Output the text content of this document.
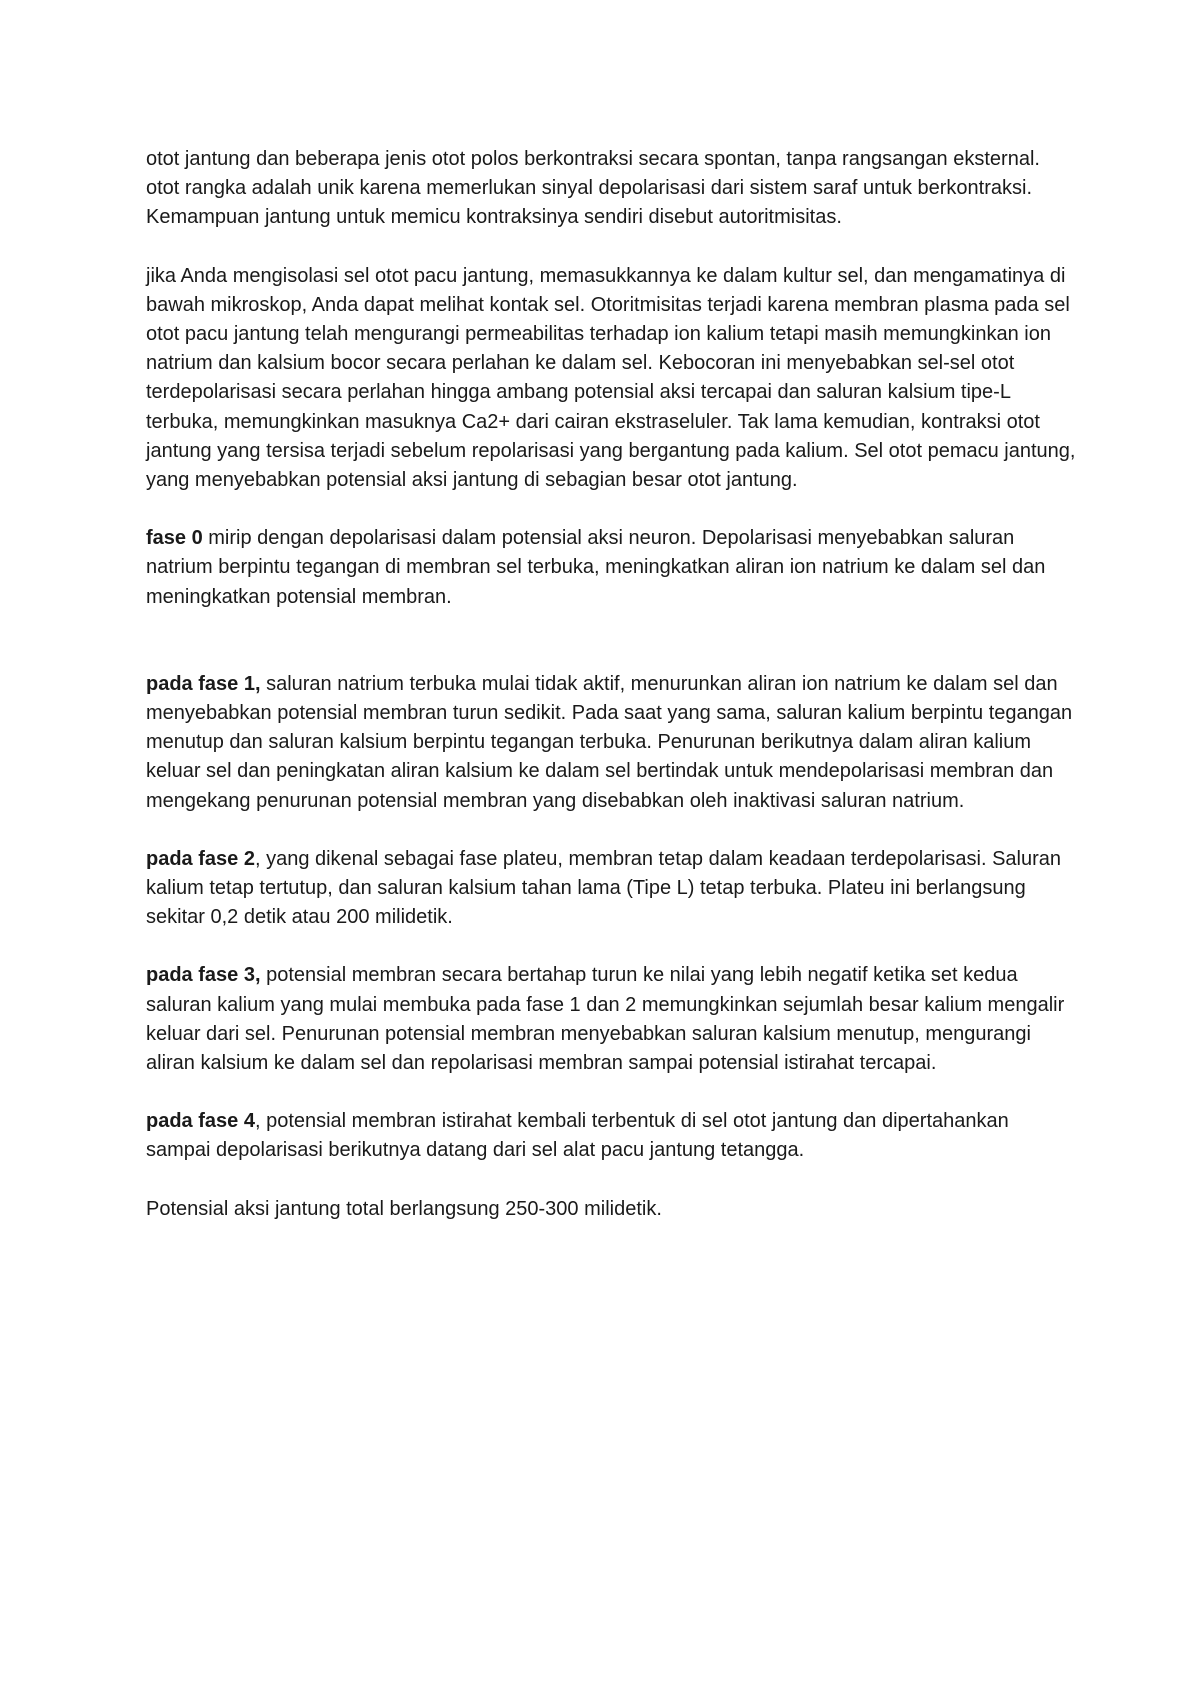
otot jantung dan beberapa jenis otot polos berkontraksi secara spontan, tanpa rangsangan eksternal. otot rangka adalah unik karena memerlukan sinyal depolarisasi dari sistem saraf untuk berkontraksi. Kemampuan jantung untuk memicu kontraksinya sendiri disebut autoritmisitas.

jika Anda mengisolasi sel otot pacu jantung, memasukkannya ke dalam kultur sel, dan mengamatinya di bawah mikroskop, Anda dapat melihat kontak sel. Otoritmisitas terjadi karena membran plasma pada sel otot pacu jantung telah mengurangi permeabilitas terhadap ion kalium tetapi masih memungkinkan ion natrium dan kalsium bocor secara perlahan ke dalam sel. Kebocoran ini menyebabkan sel-sel otot terdepolarisasi secara perlahan hingga ambang potensial aksi tercapai dan saluran kalsium tipe-L terbuka, memungkinkan masuknya Ca2+ dari cairan ekstraseluler. Tak lama kemudian, kontraksi otot jantung yang tersisa terjadi sebelum repolarisasi yang bergantung pada kalium. Sel otot pemacu jantung, yang menyebabkan potensial aksi jantung di sebagian besar otot jantung.

fase 0 mirip dengan depolarisasi dalam potensial aksi neuron. Depolarisasi menyebabkan saluran natrium berpintu tegangan di membran sel terbuka, meningkatkan aliran ion natrium ke dalam sel dan meningkatkan potensial membran.

pada fase 1, saluran natrium terbuka mulai tidak aktif, menurunkan aliran ion natrium ke dalam sel dan menyebabkan potensial membran turun sedikit. Pada saat yang sama, saluran kalium berpintu tegangan menutup dan saluran kalsium berpintu tegangan terbuka. Penurunan berikutnya dalam aliran kalium keluar sel dan peningkatan aliran kalsium ke dalam sel bertindak untuk mendepolarisasi membran dan mengekang penurunan potensial membran yang disebabkan oleh inaktivasi saluran natrium.

pada fase 2, yang dikenal sebagai fase plateu, membran tetap dalam keadaan terdepolarisasi. Saluran kalium tetap tertutup, dan saluran kalsium tahan lama (Tipe L) tetap terbuka. Plateu ini berlangsung sekitar 0,2 detik atau 200 milidetik.

pada fase 3, potensial membran secara bertahap turun ke nilai yang lebih negatif ketika set kedua saluran kalium yang mulai membuka pada fase 1 dan 2 memungkinkan sejumlah besar kalium mengalir keluar dari sel. Penurunan potensial membran menyebabkan saluran kalsium menutup, mengurangi aliran kalsium ke dalam sel dan repolarisasi membran sampai potensial istirahat tercapai.

pada fase 4, potensial membran istirahat kembali terbentuk di sel otot jantung dan dipertahankan sampai depolarisasi berikutnya datang dari sel alat pacu jantung tetangga.

Potensial aksi jantung total berlangsung 250-300 milidetik.
